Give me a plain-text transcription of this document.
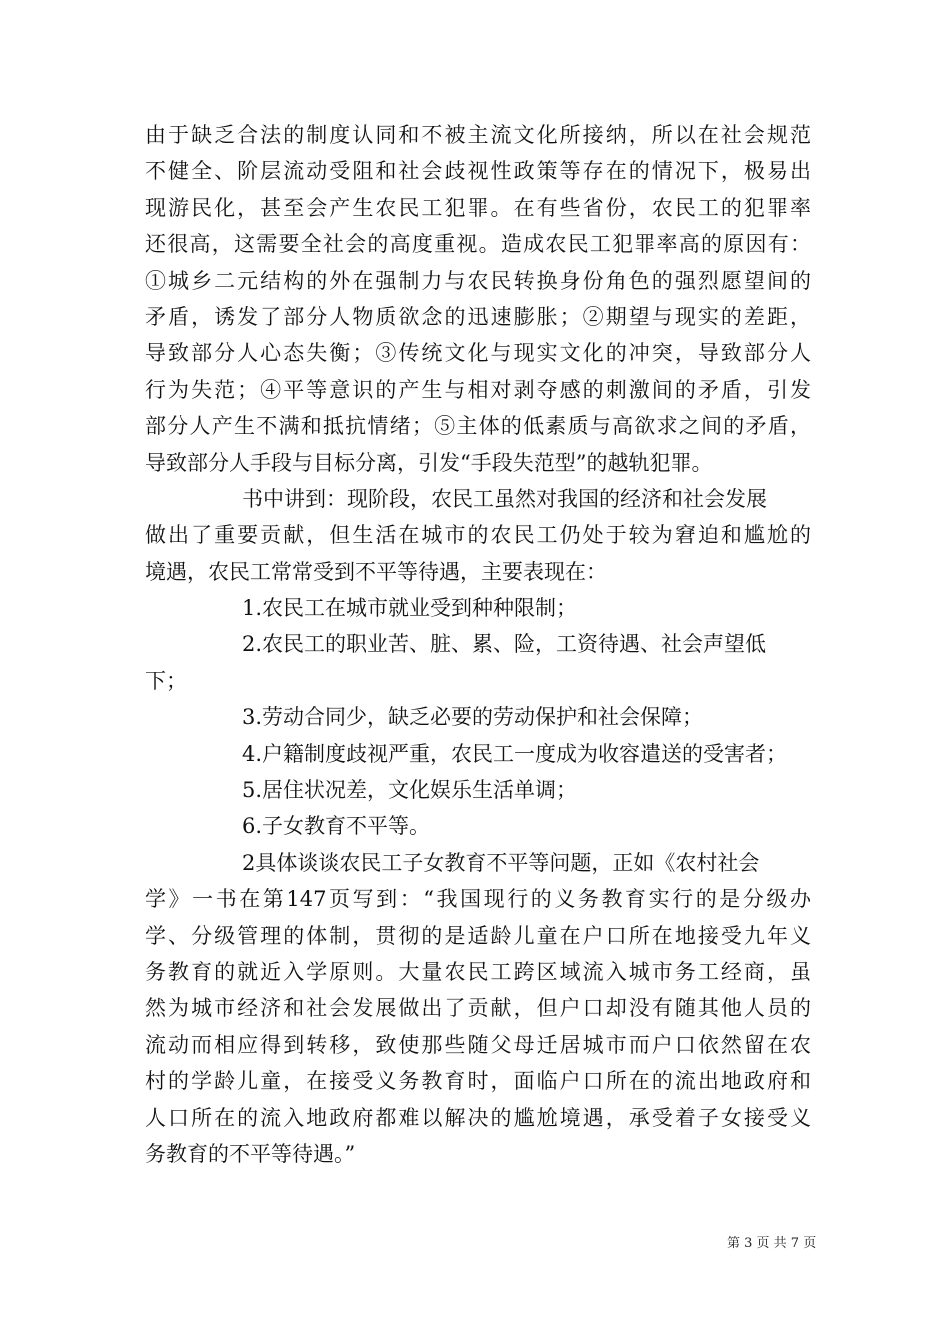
由于缺乏合法的制度认同和不被主流文化所接纳，所以在社会规范
不健全、阶层流动受阻和社会歧视性政策等存在的情况下，极易出
现游民化，甚至会产生农民工犯罪。在有些省份，农民工的犯罪率
还很高，这需要全社会的高度重视。造成农民工犯罪率高的原因有：
①城乡二元结构的外在强制力与农民转换身份角色的强烈愿望间的
矛盾，诱发了部分人物质欲念的迅速膨胀；②期望与现实的差距，
导致部分人心态失衡；③传统文化与现实文化的冲突，导致部分人
行为失范；④平等意识的产生与相对剥夺感的刺激间的矛盾，引发
部分人产生不满和抵抗情绪；⑤主体的低素质与高欲求之间的矛盾，
导致部分人手段与目标分离，引发“手段失范型”的越轨犯罪。
书中讲到：现阶段，农民工虽然对我国的经济和社会发展
做出了重要贡献，但生活在城市的农民工仍处于较为窘迫和尴尬的
境遇，农民工常常受到不平等待遇，主要表现在：
1.农民工在城市就业受到种种限制；
2.农民工的职业苦、脏、累、险，工资待遇、社会声望低
下；
3.劳动合同少，缺乏必要的劳动保护和社会保障；
4.户籍制度歧视严重，农民工一度成为收容遣送的受害者；
5.居住状况差，文化娱乐生活单调；
6.子女教育不平等。
2具体谈谈农民工子女教育不平等问题，正如《农村社会
学》一书在第147页写到：“我国现行的义务教育实行的是分级办
学、分级管理的体制，贯彻的是适龄儿童在户口所在地接受九年义
务教育的就近入学原则。大量农民工跨区域流入城市务工经商，虽
然为城市经济和社会发展做出了贡献，但户口却没有随其他人员的
流动而相应得到转移，致使那些随父母迁居城市而户口依然留在农
村的学龄儿童，在接受义务教育时，面临户口所在的流出地政府和
人口所在的流入地政府都难以解决的尴尬境遇，承受着子女接受义
务教育的不平等待遇。”
第 3 页 共 7 页
